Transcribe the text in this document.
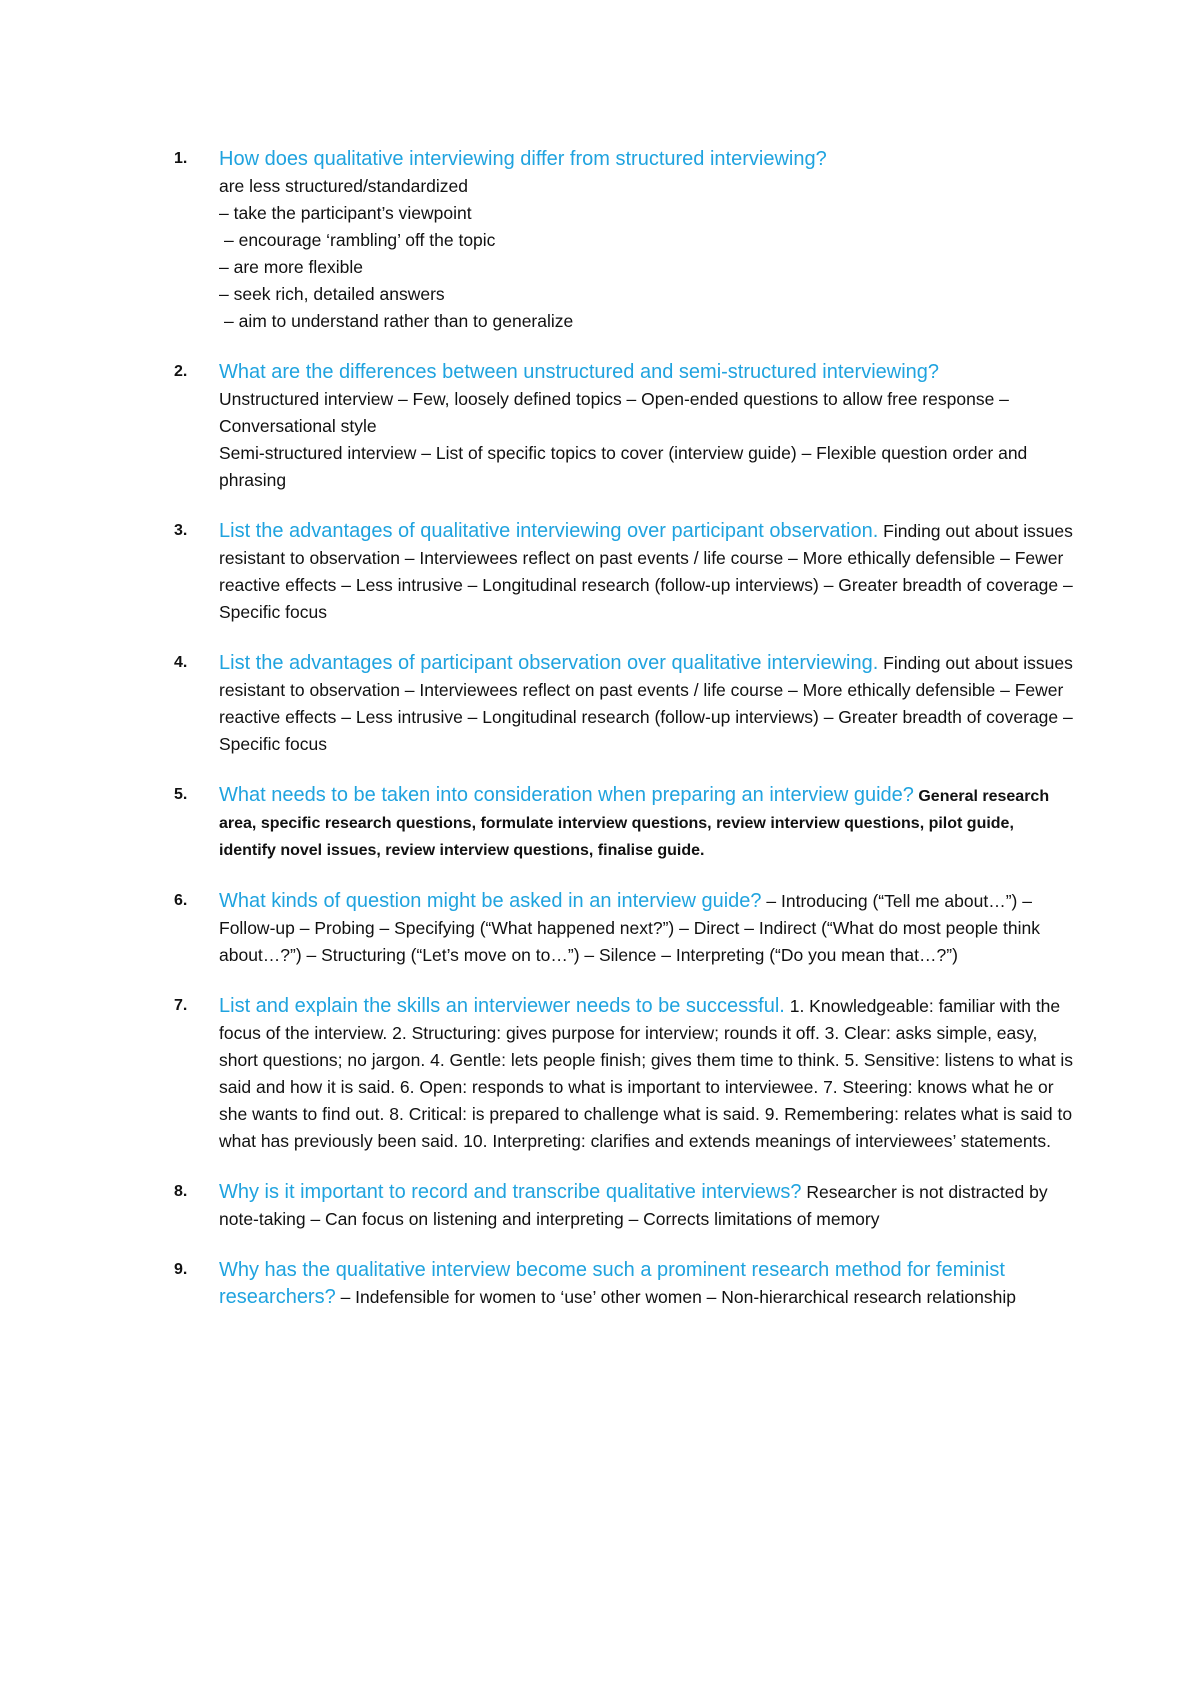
1.	How does qualitative interviewing differ from structured interviewing?
are less structured/standardized
– take the participant’s viewpoint
– encourage ‘rambling’ off the topic
– are more flexible
– seek rich, detailed answers
– aim to understand rather than to generalize
2.	What are the differences between unstructured and semi-structured interviewing?
Unstructured interview – Few, loosely defined topics – Open-ended questions to allow free response – Conversational style
Semi-structured interview – List of specific topics to cover (interview guide) – Flexible question order and phrasing
3.	List the advantages of qualitative interviewing over participant observation. Finding out about issues resistant to observation – Interviewees reflect on past events / life course – More ethically defensible – Fewer reactive effects – Less intrusive – Longitudinal research (follow-up interviews) – Greater breadth of coverage – Specific focus
4.	List the advantages of participant observation over qualitative interviewing. Finding out about issues resistant to observation – Interviewees reflect on past events / life course – More ethically defensible – Fewer reactive effects – Less intrusive – Longitudinal research (follow-up interviews) – Greater breadth of coverage – Specific focus
5.	What needs to be taken into consideration when preparing an interview guide? General research area, specific research questions, formulate interview questions, review interview questions, pilot guide, identify novel issues, review interview questions, finalise guide.
6.	What kinds of question might be asked in an interview guide? – Introducing (“Tell me about…”) – Follow-up – Probing – Specifying (“What happened next?”) – Direct – Indirect (“What do most people think about…?”) – Structuring (“Let’s move on to…”) – Silence – Interpreting (“Do you mean that…?”)
7.	List and explain the skills an interviewer needs to be successful. 1. Knowledgeable: familiar with the focus of the interview. 2. Structuring: gives purpose for interview; rounds it off. 3. Clear: asks simple, easy, short questions; no jargon. 4. Gentle: lets people finish; gives them time to think. 5. Sensitive: listens to what is said and how it is said. 6. Open: responds to what is important to interviewee. 7. Steering: knows what he or she wants to find out. 8. Critical: is prepared to challenge what is said. 9. Remembering: relates what is said to what has previously been said. 10. Interpreting: clarifies and extends meanings of interviewees’ statements.
8.	Why is it important to record and transcribe qualitative interviews? Researcher is not distracted by note-taking – Can focus on listening and interpreting – Corrects limitations of memory
9.	Why has the qualitative interview become such a prominent research method for feminist researchers? – Indefensible for women to ‘use’ other women – Non-hierarchical research relationship
